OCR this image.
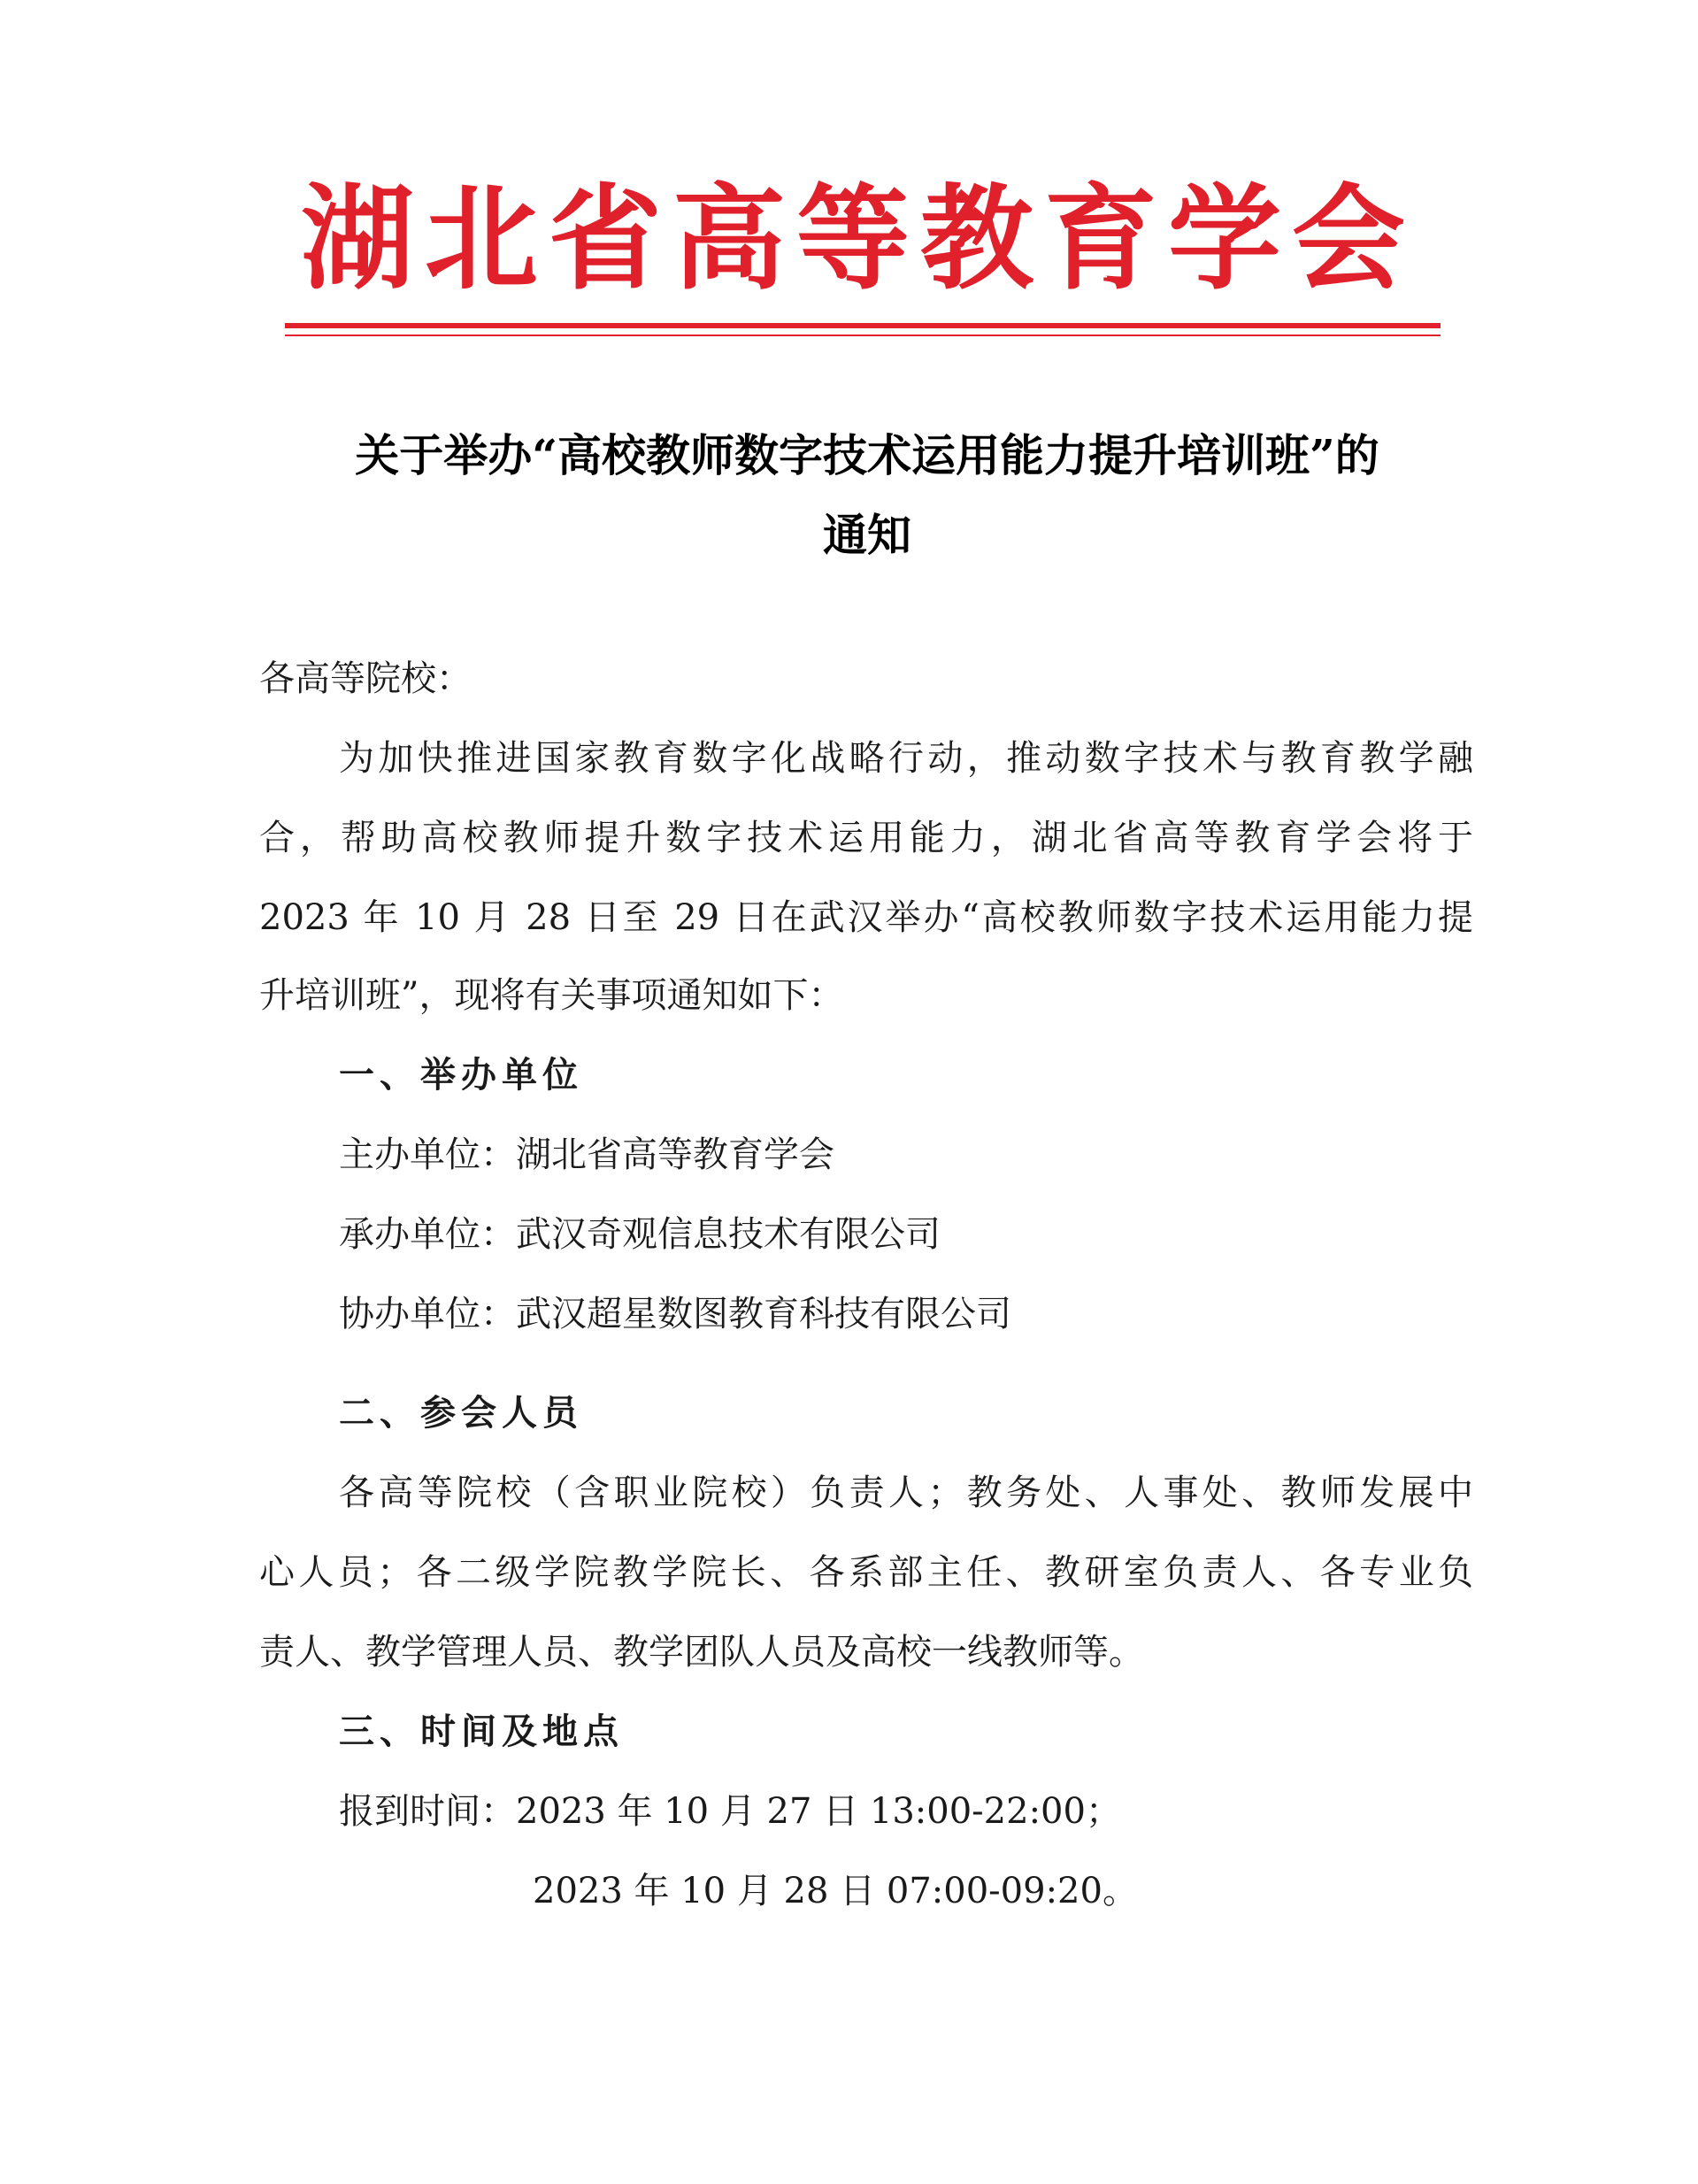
湖北省高等教育学会
关于举办“高校教师数字技术运用能力提升培训班”的
通知
各高等院校：
为加快推进国家教育数字化战略行动，推动数字技术与教育教学融
合，帮助高校教师提升数字技术运用能力，湖北省高等教育学会将于
2023 年 10 月 28 日至 29 日在武汉举办“高校教师数字技术运用能力提
升培训班”，现将有关事项通知如下：
一、举办单位
主办单位：湖北省高等教育学会
承办单位：武汉奇观信息技术有限公司
协办单位：武汉超星数图教育科技有限公司
二、参会人员
各高等院校（含职业院校）负责人；教务处、人事处、教师发展中
心人员；各二级学院教学院长、各系部主任、教研室负责人、各专业负
责人、教学管理人员、教学团队人员及高校一线教师等。
三、时间及地点
报到时间：2023 年 10 月 27 日 13:00-22:00；
2023 年 10 月 28 日 07:00-09:20。
